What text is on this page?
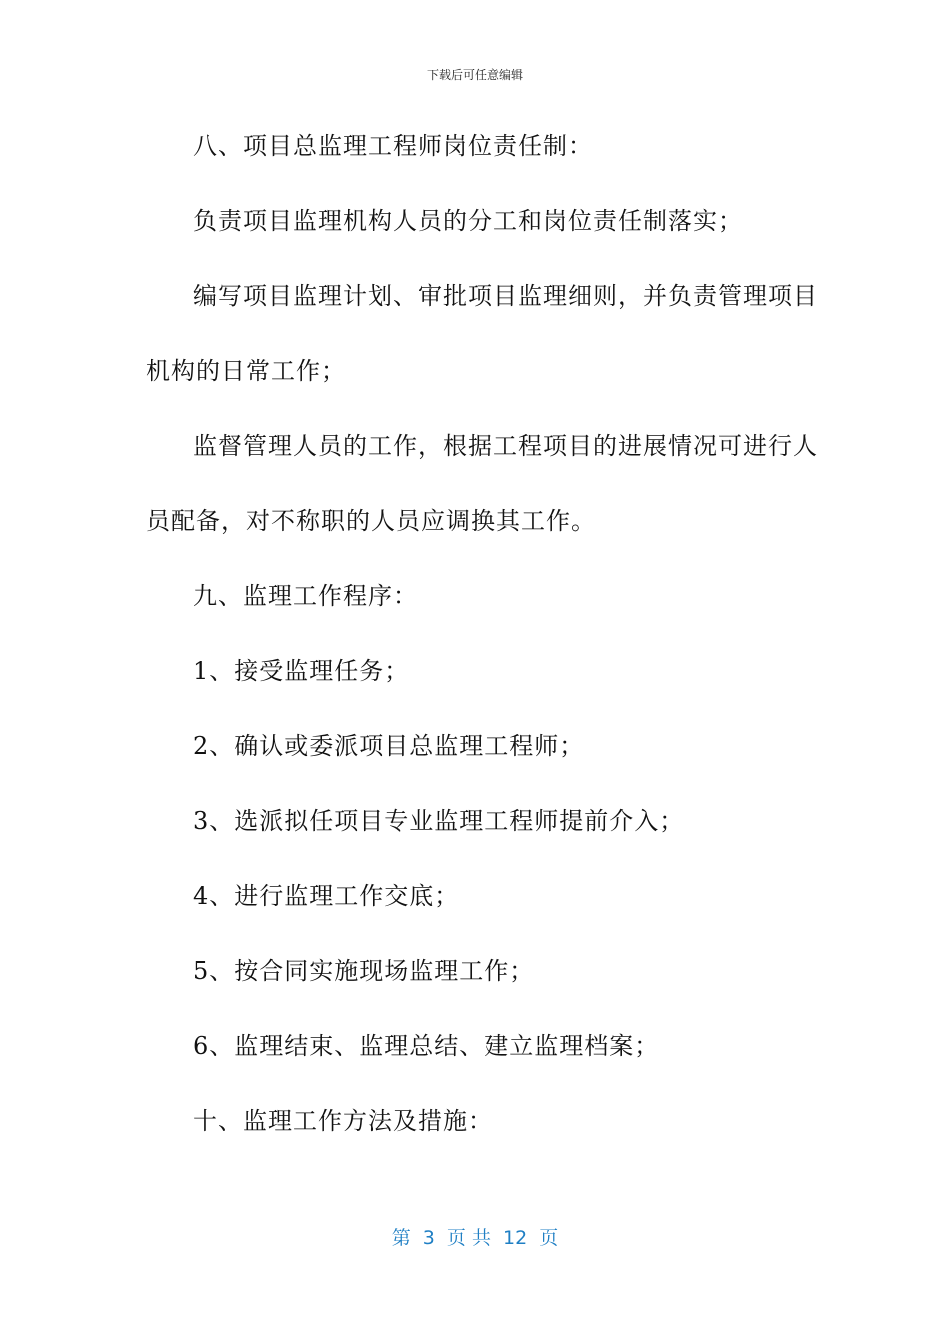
下载后可任意编辑
八、项目总监理工程师岗位责任制：
负责项目监理机构人员的分工和岗位责任制落实；
编写项目监理计划、审批项目监理细则，并负责管理项目
机构的日常工作；
监督管理人员的工作，根据工程项目的进展情况可进行人
员配备，对不称职的人员应调换其工作。
九、监理工作程序：
1、接受监理任务；
2、确认或委派项目总监理工程师；
3、选派拟任项目专业监理工程师提前介入；
4、进行监理工作交底；
5、按合同实施现场监理工作；
6、监理结束、监理总结、建立监理档案；
十、监理工作方法及措施：
第  3  页 共  12  页
